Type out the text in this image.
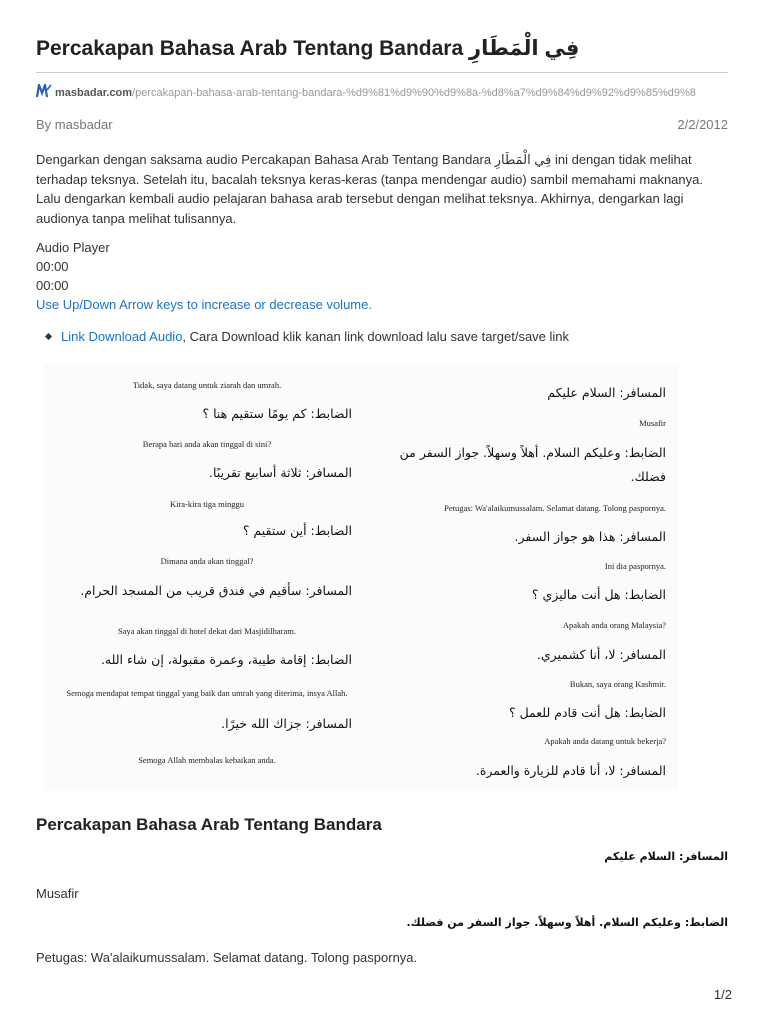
Percakapan Bahasa Arab Tentang Bandara فِي الْمَطَارِ
masbadar.com/percakapan-bahasa-arab-tentang-bandara-%d9%81%d9%90%d9%8a-%d8%a7%d9%84%d9%92%d9%85%d9%8
By masbadar	2/2/2012
Dengarkan dengan saksama audio Percakapan Bahasa Arab Tentang Bandara فِي الْمَطَارِ ini dengan tidak melihat terhadap teksnya. Setelah itu, bacalah teksnya keras-keras (tanpa mendengar audio) sambil memahami maknanya. Lalu dengarkan kembali audio pelajaran bahasa arab tersebut dengan melihat teksnya. Akhirnya, dengarkan lagi audionya tanpa melihat tulisannya.
Audio Player
00:00
00:00
Use Up/Down Arrow keys to increase or decrease volume.
Link Download Audio, Cara Download klik kanan link download lalu save target/save link
Percakapan Bahasa Arab Tentang Bandara
المسافر: السلام عليكم
Musafir
الضابط: وعليكم السلام. أهلاً وسهلاً. جواز السفر من فضلك.
Petugas: Wa'alaikumussalam. Selamat datang. Tolong paspornya.
Tidak, saya datang untuk ziarah dan umrah.
الضابط: كم يومًا ستقيم هنا ؟
Berapa hari anda akan tinggal di sini?
المسافر: ثلاثة أسابيع تقريبًا.
Kira-kira tiga minggu
الضابط: أين ستقيم ؟
Dimana anda akan tinggal?
المسافر: سأقيم في فندق قريب من المسجد الحرام.
Saya akan tinggal di hotel dekat dari Masjidilharam.
الضابط: إقامة طيبة، وعمرة مقبولة، إن شاء الله.
Semoga mendapat tempat tinggal yang baik dan umrah yang diterima, insya Allah.
المسافر: جزاك الله خيرًا.
Semoga Allah membalas kebaikan anda.
المسافر: السلام عليكم
Musafir
الضابط: وعليكم السلام. أهلاً وسهلاً. جواز السفر من
فضلك.
Petugas: Wa'alaikumussalam. Selamat datang. Tolong paspornya.
المسافر: هذا هو جواز السفر.
Ini dia paspornya.
الضابط: هل أنت ماليزي ؟
Apakah anda orang Malaysia?
المسافر: لا، أنا كشميري.
Bukan, saya orang Kashmir.
الضابط: هل أنت قادم للعمل ؟
Apakah anda datang untuk bekerja?
المسافر: لا، أنا قادم للزيارة والعمرة.
1/2
